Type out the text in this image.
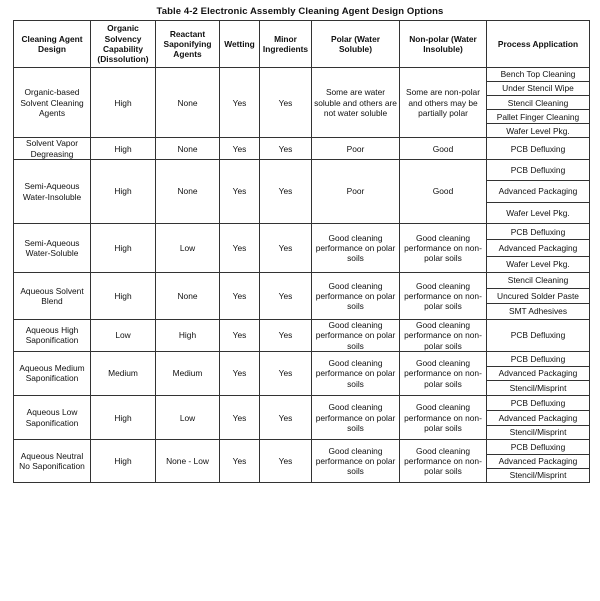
Table 4-2 Electronic Assembly Cleaning Agent Design Options
Cleaning Agent Design	Organic Solvency Capability (Dissolution)	Reactant Saponifying Agents	Wetting	Minor Ingredients	Polar (Water Soluble)	Non-polar (Water Insoluble)	Process Application
Organic-based Solvent Cleaning Agents	High	None	Yes	Yes	Some are water soluble and others are not water soluble	Some are non-polar and others may be partially polar	Bench Top Cleaning
							Under Stencil Wipe
							Stencil Cleaning
							Pallet Finger Cleaning
							Wafer Level Pkg.
Solvent Vapor Degreasing	High	None	Yes	Yes	Poor	Good	PCB Defluxing
Semi-Aqueous Water-Insoluble	High	None	Yes	Yes	Poor	Good	PCB Defluxing
							Advanced Packaging
							Wafer Level Pkg.
Semi-Aqueous Water-Soluble	High	Low	Yes	Yes	Good cleaning performance on polar soils	Good cleaning performance on non-polar soils	PCB Defluxing
							Advanced Packaging
							Wafer Level Pkg.
Aqueous Solvent Blend	High	None	Yes	Yes	Good cleaning performance on polar soils	Good cleaning performance on non-polar soils	Stencil Cleaning
							Uncured Solder Paste
							SMT Adhesives
Aqueous High Saponification	Low	High	Yes	Yes	Good cleaning performance on polar soils	Good cleaning performance on non-polar soils	PCB Defluxing
Aqueous Medium Saponification	Medium	Medium	Yes	Yes	Good cleaning performance on polar soils	Good cleaning performance on non-polar soils	PCB Defluxing
							Advanced Packaging
							Stencil/Misprint
Aqueous Low Saponification	High	Low	Yes	Yes	Good cleaning performance on polar soils	Good cleaning performance on non-polar soils	PCB Defluxing
							Advanced Packaging
							Stencil/Misprint
Aqueous Neutral No Saponification	High	None - Low	Yes	Yes	Good cleaning performance on polar soils	Good cleaning performance on non-polar soils	PCB Defluxing
							Advanced Packaging
							Stencil/Misprint
